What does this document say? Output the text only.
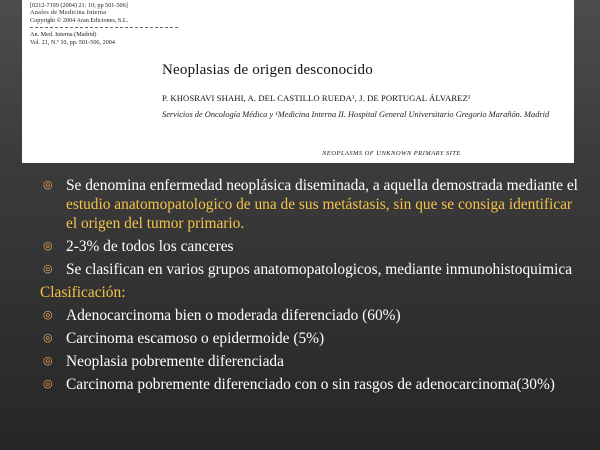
[0212-7199 (2004) 21: 10; pp 501-506]
Anales de Medicina Interna
Copyright © 2004 Aran Ediciones, S.L.
An. Med. Interna (Madrid)
Vol. 21, N.º 10, pp. 501-506, 2004
Neoplasias de origen desconocido
P. KHOSRAVI SHAHI, A. DEL CASTILLO RUEDA¹, J. DE PORTUGAL ÁLVAREZ¹
Servicios de Oncología Médica y ¹Medicina Interna II. Hospital General Universitario Gregorio Marañón. Madrid
NEOPLASMS OF UNKNOWN PRIMARY SITE
◎ Se denomina enfermedad neoplásica diseminada, a aquella demostrada mediante el estudio anatomopatologico de una de sus metástasis, sin que se consiga identificar el origen del tumor primario.
◎ 2-3% de todos los canceres
◎ Se clasifican en varios grupos anatomopatologicos, mediante inmunohistoquimica
Clasificación:
◎ Adenocarcinoma bien o moderada diferenciado (60%)
◎ Carcinoma escamoso o epidermoide (5%)
◎ Neoplasia pobremente diferenciada
◎ Carcinoma pobremente diferenciado con o sin rasgos de adenocarcinoma(30%)
